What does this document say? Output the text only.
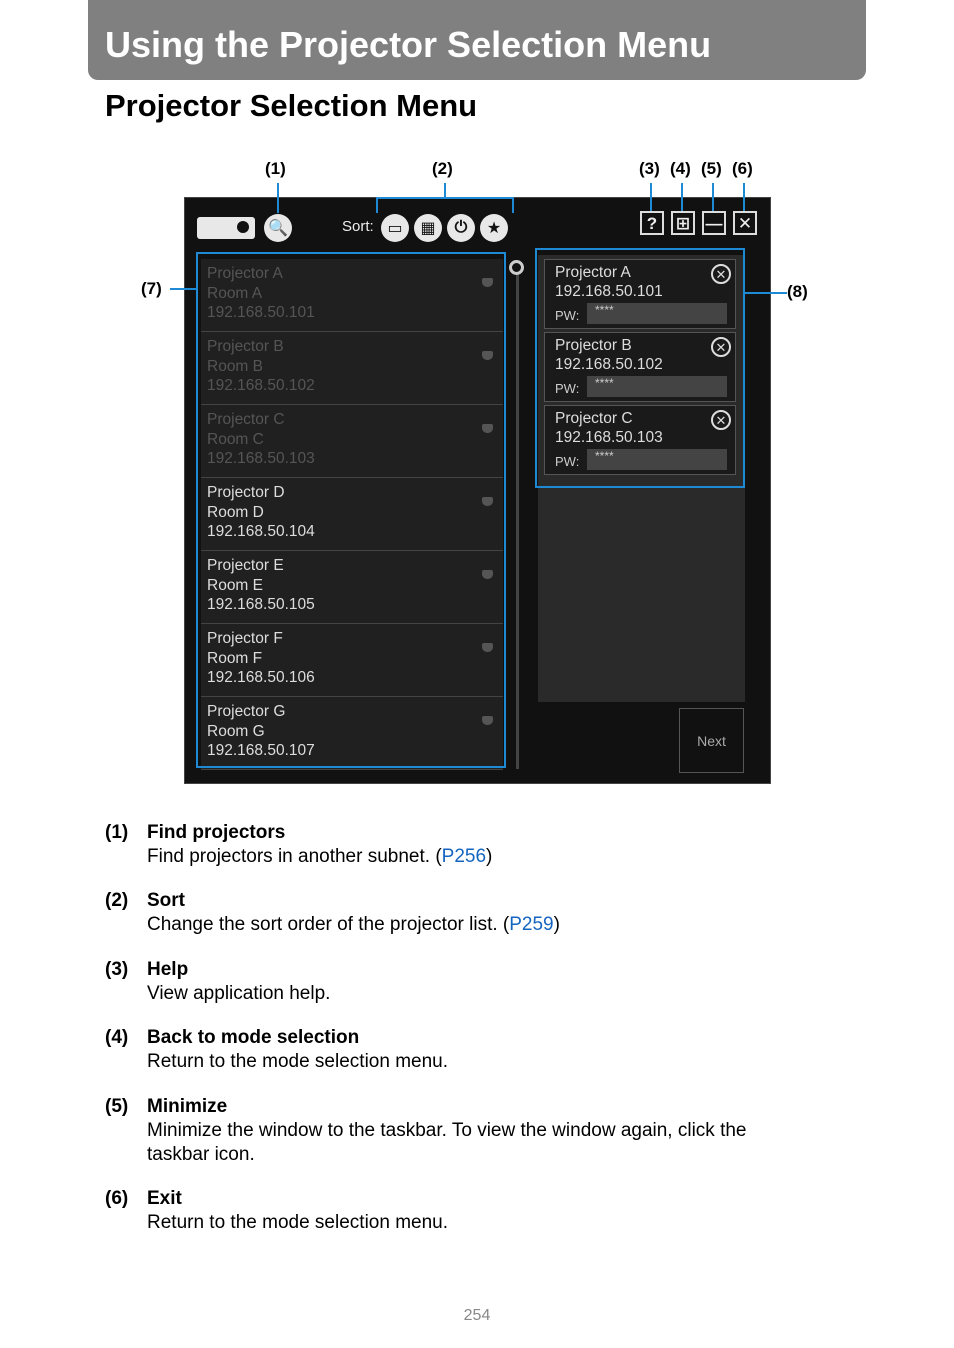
Using the Projector Selection Menu
Projector Selection Menu
(1)	(2)	(3) (4) (5) (6)
(7)	(8)
🔍	Sort: ▭	▦	⏻	★	?	⊞ — ✕
Projector A
Room A
192.168.50.101
Projector B
Room B
192.168.50.102
Projector C
Room C
192.168.50.103
Projector D
Room D
192.168.50.104
Projector E
Room E
192.168.50.105
Projector F
Room F
192.168.50.106
Projector G
Room G
192.168.50.107
Projector A
192.168.50.101
✕
PW:	****
Projector B
192.168.50.102
✕
PW:	****
Projector C
192.168.50.103
✕
PW:	****
Next
(1) Find projectors
Find projectors in another subnet. (P256)
(2) Sort
Change the sort order of the projector list. (P259)
(3) Help
View application help.
(4) Back to mode selection
Return to the mode selection menu.
(5) Minimize
Minimize the window to the taskbar. To view the window again, click the taskbar icon.
(6) Exit
Return to the mode selection menu.
254
